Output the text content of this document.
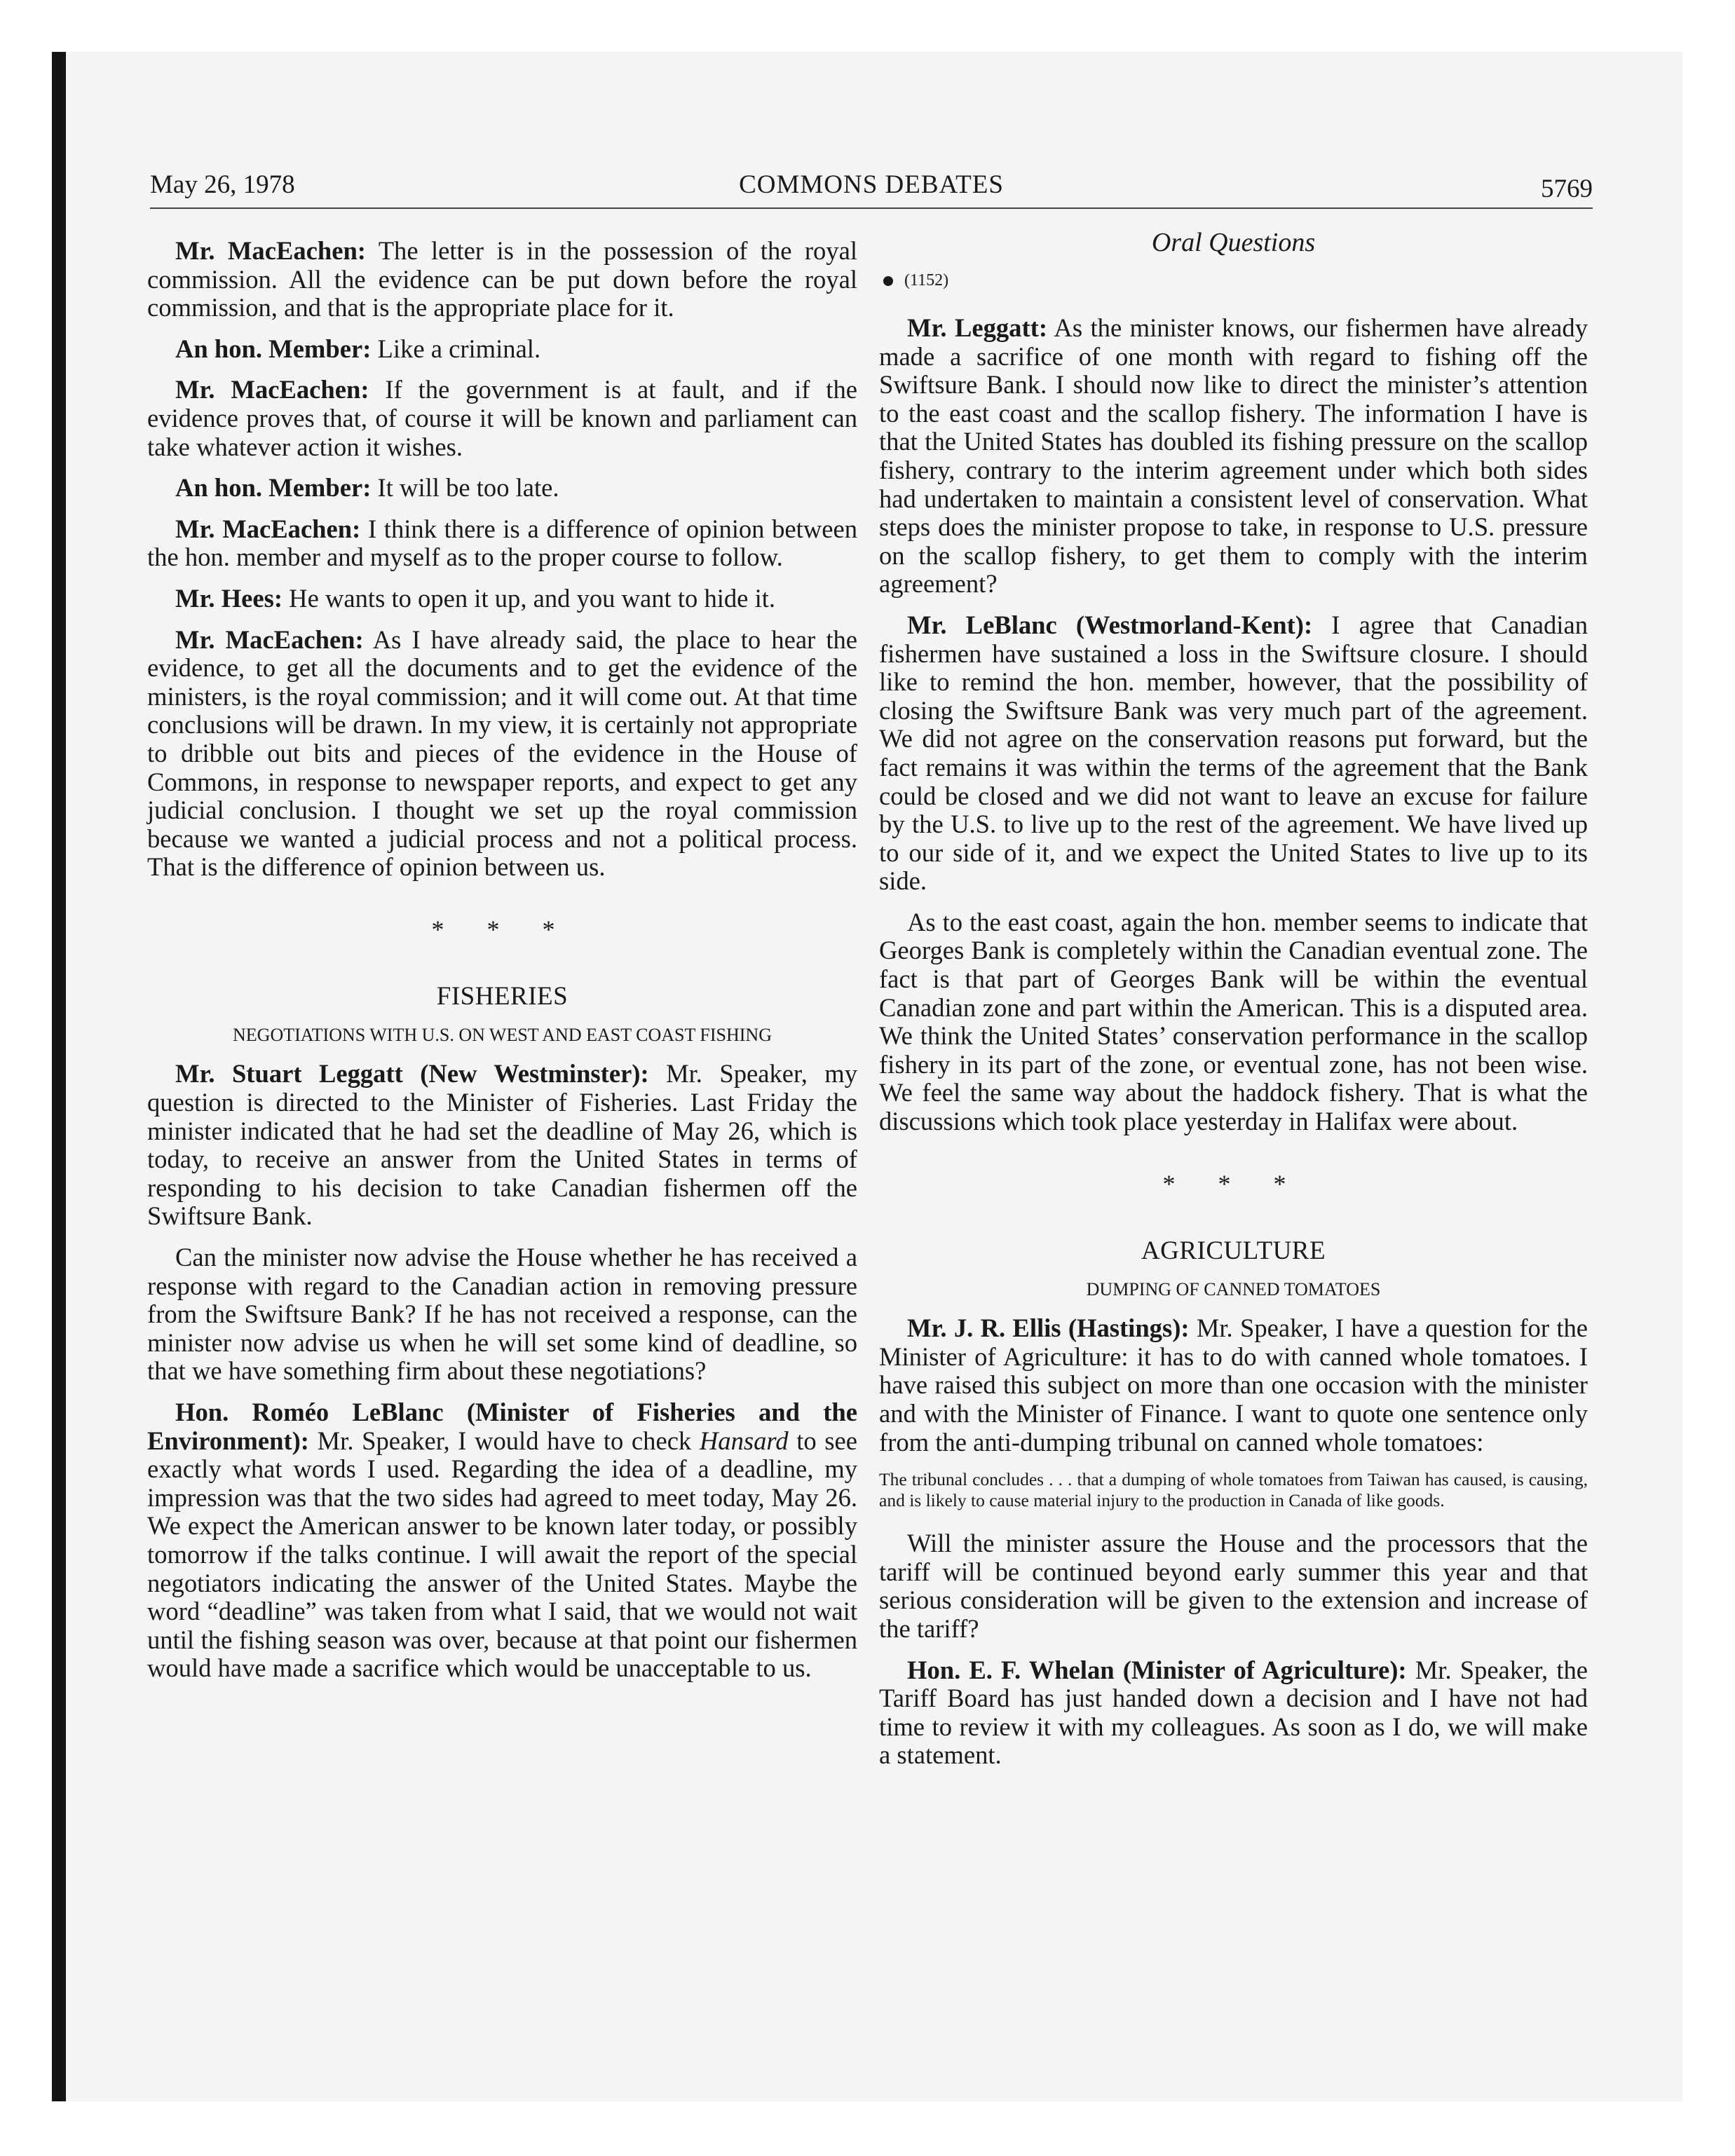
May 26, 1978	COMMONS DEBATES	5769

Mr. MacEachen: The letter is in the possession of the royal commission. All the evidence can be put down before the royal commission, and that is the appropriate place for it.

An hon. Member: Like a criminal.

Mr. MacEachen: If the government is at fault, and if the evidence proves that, of course it will be known and parliament can take whatever action it wishes.

An hon. Member: It will be too late.

Mr. MacEachen: I think there is a difference of opinion between the hon. member and myself as to the proper course to follow.

Mr. Hees: He wants to open it up, and you want to hide it.

Mr. MacEachen: As I have already said, the place to hear the evidence, to get all the documents and to get the evidence of the ministers, is the royal commission; and it will come out. At that time conclusions will be drawn. In my view, it is certainly not appropriate to dribble out bits and pieces of the evidence in the House of Commons, in response to newspaper reports, and expect to get any judicial conclusion. I thought we set up the royal commission because we wanted a judicial process and not a political process. That is the difference of opinion between us.

* * *
FISHERIES
NEGOTIATIONS WITH U.S. ON WEST AND EAST COAST FISHING

Mr. Stuart Leggatt (New Westminster): Mr. Speaker, my question is directed to the Minister of Fisheries. Last Friday the minister indicated that he had set the deadline of May 26, which is today, to receive an answer from the United States in terms of responding to his decision to take Canadian fishermen off the Swiftsure Bank.

Can the minister now advise the House whether he has received a response with regard to the Canadian action in removing pressure from the Swiftsure Bank? If he has not received a response, can the minister now advise us when he will set some kind of deadline, so that we have something firm about these negotiations?

Hon. Roméo LeBlanc (Minister of Fisheries and the Environment): Mr. Speaker, I would have to check Hansard to see exactly what words I used. Regarding the idea of a deadline, my impression was that the two sides had agreed to meet today, May 26. We expect the American answer to be known later today, or possibly tomorrow if the talks continue. I will await the report of the special negotiators indicating the answer of the United States. Maybe the word “deadline” was taken from what I said, that we would not wait until the fishing season was over, because at that point our fishermen would have made a sacrifice which would be unacceptable to us.

Oral Questions
(1152)

Mr. Leggatt: As the minister knows, our fishermen have already made a sacrifice of one month with regard to fishing off the Swiftsure Bank. I should now like to direct the minister’s attention to the east coast and the scallop fishery. The information I have is that the United States has doubled its fishing pressure on the scallop fishery, contrary to the interim agreement under which both sides had undertaken to maintain a consistent level of conservation. What steps does the minister propose to take, in response to U.S. pressure on the scallop fishery, to get them to comply with the interim agreement?

Mr. LeBlanc (Westmorland-Kent): I agree that Canadian fishermen have sustained a loss in the Swiftsure closure. I should like to remind the hon. member, however, that the possibility of closing the Swiftsure Bank was very much part of the agreement. We did not agree on the conservation reasons put forward, but the fact remains it was within the terms of the agreement that the Bank could be closed and we did not want to leave an excuse for failure by the U.S. to live up to the rest of the agreement. We have lived up to our side of it, and we expect the United States to live up to its side.

As to the east coast, again the hon. member seems to indicate that Georges Bank is completely within the Canadian eventual zone. The fact is that part of Georges Bank will be within the eventual Canadian zone and part within the American. This is a disputed area. We think the United States’ conservation performance in the scallop fishery in its part of the zone, or eventual zone, has not been wise. We feel the same way about the haddock fishery. That is what the discussions which took place yesterday in Halifax were about.

* * *
AGRICULTURE
DUMPING OF CANNED TOMATOES

Mr. J. R. Ellis (Hastings): Mr. Speaker, I have a question for the Minister of Agriculture: it has to do with canned whole tomatoes. I have raised this subject on more than one occasion with the minister and with the Minister of Finance. I want to quote one sentence only from the anti-dumping tribunal on canned whole tomatoes:

The tribunal concludes . . . that a dumping of whole tomatoes from Taiwan has caused, is causing, and is likely to cause material injury to the production in Canada of like goods.

Will the minister assure the House and the processors that the tariff will be continued beyond early summer this year and that serious consideration will be given to the extension and increase of the tariff?

Hon. E. F. Whelan (Minister of Agriculture): Mr. Speaker, the Tariff Board has just handed down a decision and I have not had time to review it with my colleagues. As soon as I do, we will make a statement.
